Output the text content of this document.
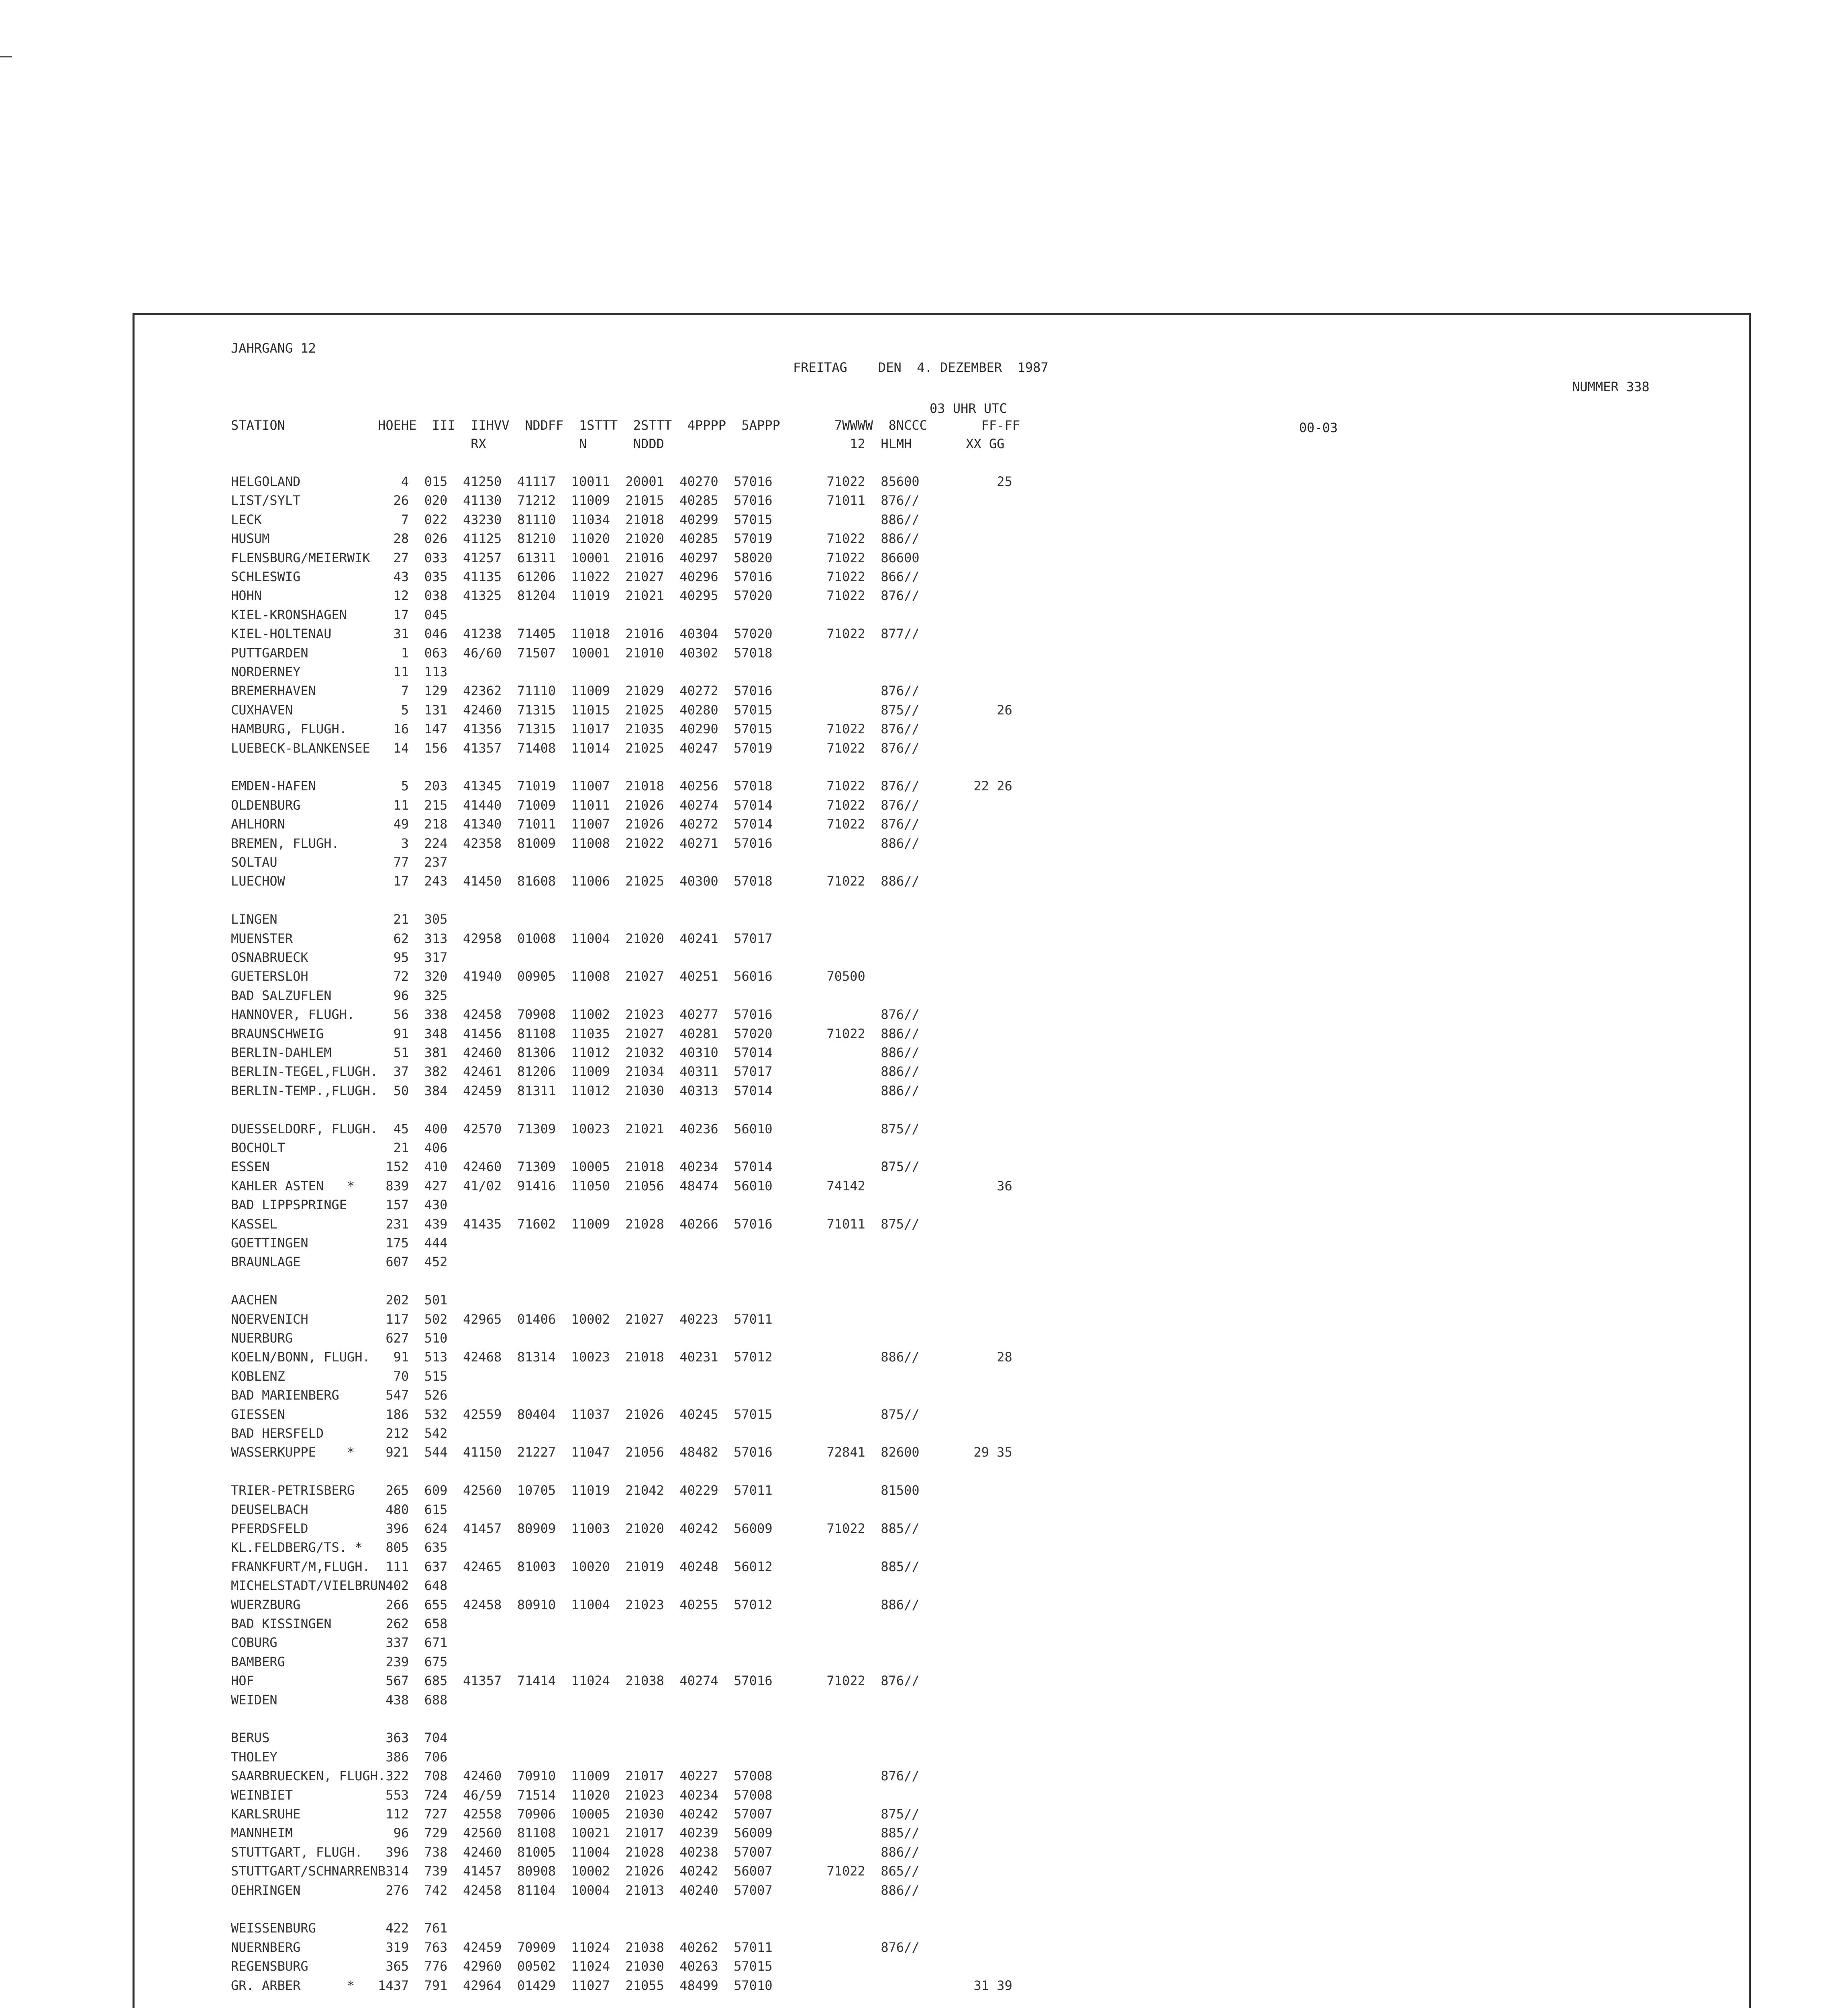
JAHRGANG 12

FREITAG    DEN  4. DEZEMBER  1987

NUMMER 338

03 UHR UTC

00-03

STATION            HOEHE  III  IIHVV  NDDFF  1STTT  2STTT  4PPPP  5APPP       7WWWW  8NCCC       FF-FF
RX            N      NDDD                        12  HLMH       XX GG
HELGOLAND             4  015  41250  41117  10011  20001  40270  57016       71022  85600          25
LIST/SYLT            26  020  41130  71212  11009  21015  40285  57016       71011  876//
LECK                  7  022  43230  81110  11034  21018  40299  57015              886//
HUSUM                28  026  41125  81210  11020  21020  40285  57019       71022  886//
FLENSBURG/MEIERWIK   27  033  41257  61311  10001  21016  40297  58020       71022  86600
SCHLESWIG            43  035  41135  61206  11022  21027  40296  57016       71022  866//
HOHN                 12  038  41325  81204  11019  21021  40295  57020       71022  876//
KIEL-KRONSHAGEN      17  045
KIEL-HOLTENAU        31  046  41238  71405  11018  21016  40304  57020       71022  877//
PUTTGARDEN            1  063  46/60  71507  10001  21010  40302  57018
NORDERNEY            11  113
BREMERHAVEN           7  129  42362  71110  11009  21029  40272  57016              876//
CUXHAVEN              5  131  42460  71315  11015  21025  40280  57015              875//          26
HAMBURG, FLUGH.      16  147  41356  71315  11017  21035  40290  57015       71022  876//
LUEBECK-BLANKENSEE   14  156  41357  71408  11014  21025  40247  57019       71022  876//
EMDEN-HAFEN           5  203  41345  71019  11007  21018  40256  57018       71022  876//       22 26
OLDENBURG            11  215  41440  71009  11011  21026  40274  57014       71022  876//
AHLHORN              49  218  41340  71011  11007  21026  40272  57014       71022  876//
BREMEN, FLUGH.        3  224  42358  81009  11008  21022  40271  57016              886//
SOLTAU               77  237
LUECHOW              17  243  41450  81608  11006  21025  40300  57018       71022  886//
LINGEN               21  305
MUENSTER             62  313  42958  01008  11004  21020  40241  57017
OSNABRUECK           95  317
GUETERSLOH           72  320  41940  00905  11008  21027  40251  56016       70500
BAD SALZUFLEN        96  325
HANNOVER, FLUGH.     56  338  42458  70908  11002  21023  40277  57016              876//
BRAUNSCHWEIG         91  348  41456  81108  11035  21027  40281  57020       71022  886//
BERLIN-DAHLEM        51  381  42460  81306  11012  21032  40310  57014              886//
BERLIN-TEGEL,FLUGH.  37  382  42461  81206  11009  21034  40311  57017              886//
BERLIN-TEMP.,FLUGH.  50  384  42459  81311  11012  21030  40313  57014              886//
DUESSELDORF, FLUGH.  45  400  42570  71309  10023  21021  40236  56010              875//
BOCHOLT              21  406
ESSEN               152  410  42460  71309  10005  21018  40234  57014              875//
KAHLER ASTEN   *    839  427  41/02  91416  11050  21056  48474  56010       74142                 36
BAD LIPPSPRINGE     157  430
KASSEL              231  439  41435  71602  11009  21028  40266  57016       71011  875//
GOETTINGEN          175  444
BRAUNLAGE           607  452
AACHEN              202  501
NOERVENICH          117  502  42965  01406  10002  21027  40223  57011
NUERBURG            627  510
KOELN/BONN, FLUGH.   91  513  42468  81314  10023  21018  40231  57012              886//          28
KOBLENZ              70  515
BAD MARIENBERG      547  526
GIESSEN             186  532  42559  80404  11037  21026  40245  57015              875//
BAD HERSFELD        212  542
WASSERKUPPE    *    921  544  41150  21227  11047  21056  48482  57016       72841  82600       29 35
TRIER-PETRISBERG    265  609  42560  10705  11019  21042  40229  57011              81500
DEUSELBACH          480  615
PFERDSFELD          396  624  41457  80909  11003  21020  40242  56009       71022  885//
KL.FELDBERG/TS. *   805  635
FRANKFURT/M,FLUGH.  111  637  42465  81003  10020  21019  40248  56012              885//
MICHELSTADT/VIELBRUN402  648
WUERZBURG           266  655  42458  80910  11004  21023  40255  57012              886//
BAD KISSINGEN       262  658
COBURG              337  671
BAMBERG             239  675
HOF                 567  685  41357  71414  11024  21038  40274  57016       71022  876//
WEIDEN              438  688
BERUS               363  704
THOLEY              386  706
SAARBRUECKEN, FLUGH.322  708  42460  70910  11009  21017  40227  57008              876//
WEINBIET            553  724  46/59  71514  11020  21023  40234  57008
KARLSRUHE           112  727  42558  70906  10005  21030  40242  57007              875//
MANNHEIM             96  729  42560  81108  10021  21017  40239  56009              885//
STUTTGART, FLUGH.   396  738  42460  81005  11004  21028  40238  57007              886//
STUTTGART/SCHNARRENB314  739  41457  80908  10002  21026  40242  56007       71022  865//
OEHRINGEN           276  742  42458  81104  10004  21013  40240  57007              886//
WEISSENBURG         422  761
NUERNBERG           319  763  42459  70909  11024  21038  40262  57011              876//
REGENSBURG          365  776  42960  00502  11024  21030  40263  57015
GR. ARBER      *   1437  791  42964  01429  11027  21055  48499  57010                          31 39
